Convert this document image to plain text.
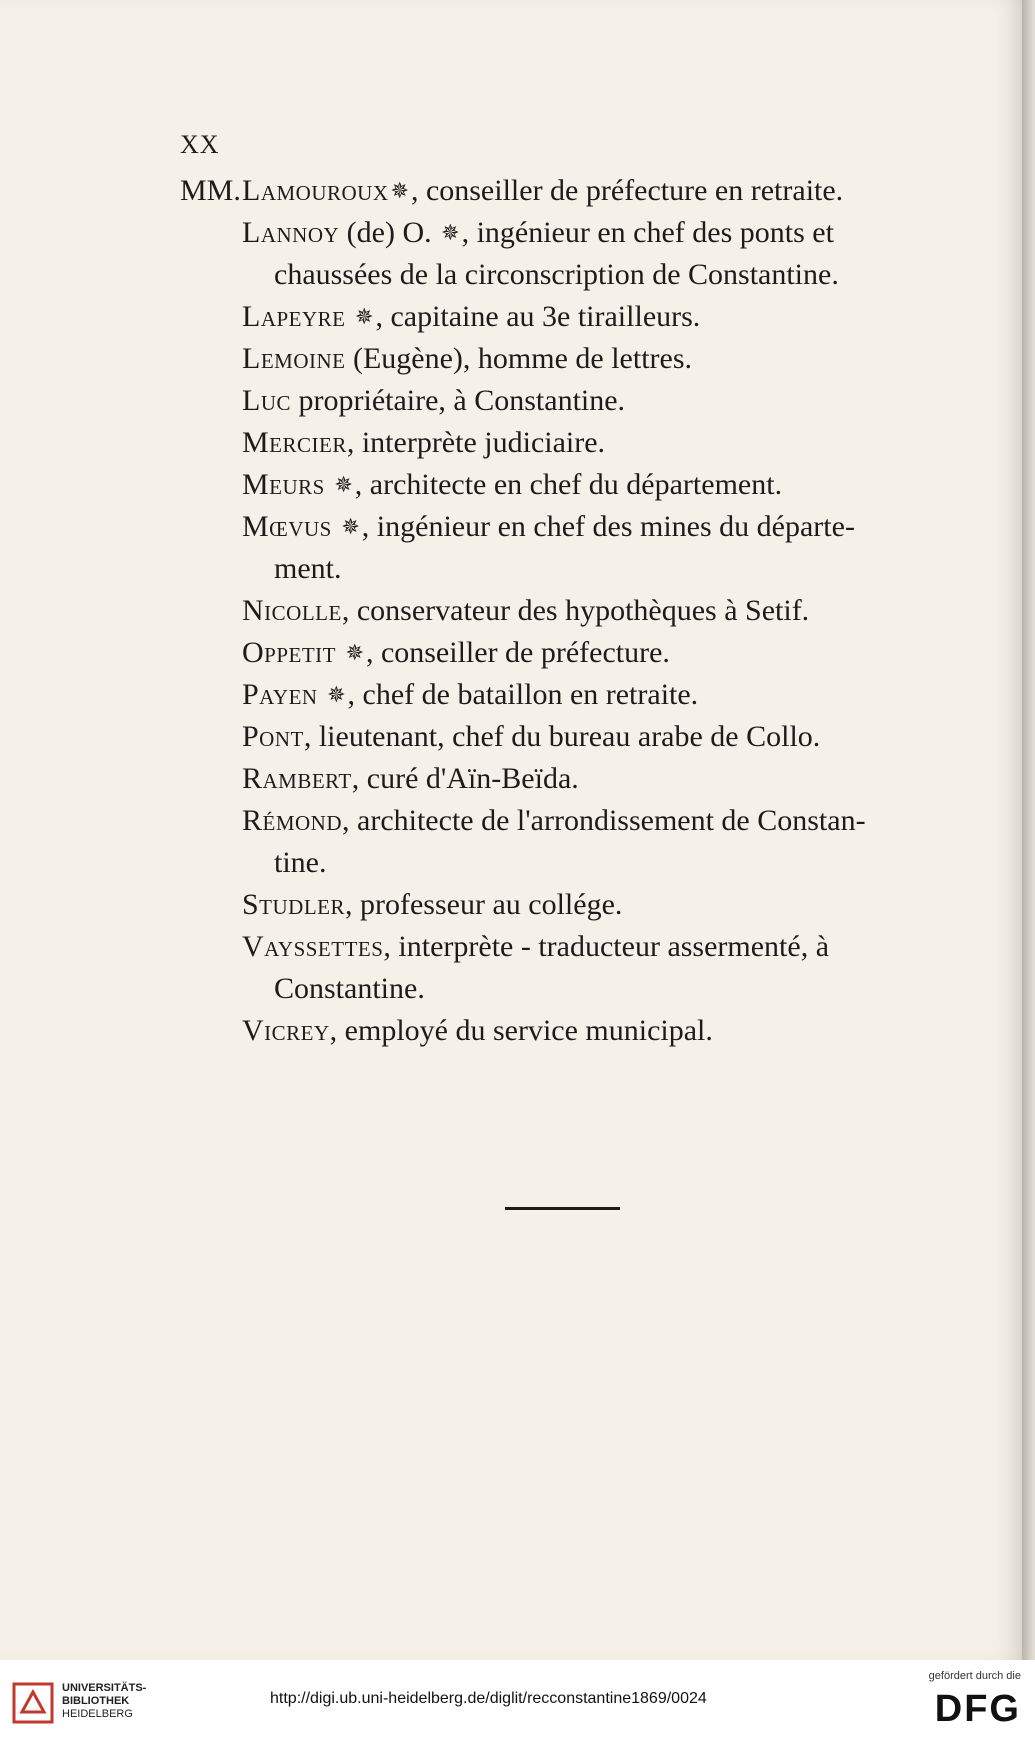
XX
MM. Lamouroux✵, conseiller de préfecture en retraite.
Lannoy (de) O. ✵, ingénieur en chef des ponts et
chaussées de la circonscription de Constantine.
Lapeyre ✵, capitaine au 3e tirailleurs.
Lemoine (Eugène), homme de lettres.
Luc propriétaire, à Constantine.
Mercier, interprète judiciaire.
Meurs ✵, architecte en chef du département.
Mœvus ✵, ingénieur en chef des mines du départe-
ment.
Nicolle, conservateur des hypothèques à Setif.
Oppetit ✵, conseiller de préfecture.
Payen ✵, chef de bataillon en retraite.
Pont, lieutenant, chef du bureau arabe de Collo.
Rambert, curé d'Aïn-Beïda.
Rémond, architecte de l'arrondissement de Constan-
tine.
Studler, professeur au collége.
Vayssettes, interprète - traducteur assermenté, à
Constantine.
Vicrey, employé du service municipal.
UNIVERSITÄTS-
BIBLIOTHEK
HEIDELBERG
http://digi.ub.uni-heidelberg.de/diglit/recconstantine1869/0024
gefördert durch die
DFG
